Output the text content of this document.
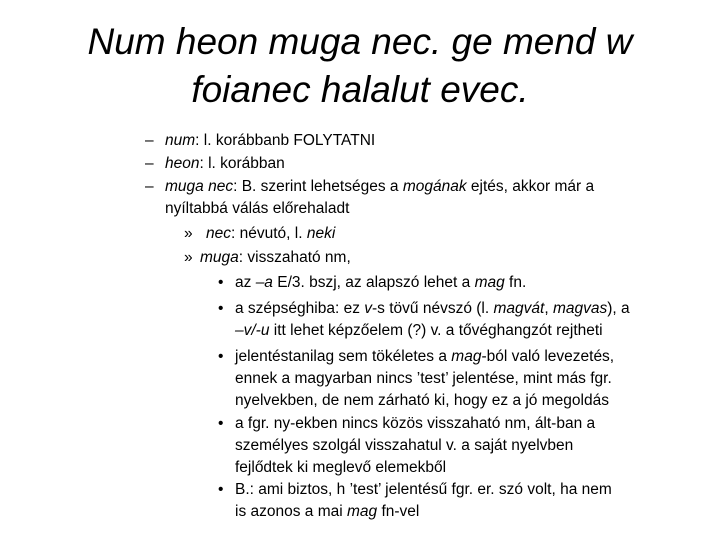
Num heon muga nec. ge mend w
foianec halalut evec.
– num: l. korábbanb FOLYTATNI
– heon: l. korábban
– muga nec: B. szerint lehetséges a mogának ejtés, akkor már a
nyíltabbá válás előrehaladt
» nec: névutó, l. neki
» muga: visszaható nm,
• az –a E/3. bszj, az alapszó lehet a mag fn.
• a szépséghiba: ez v-s tövű névszó (l. magvát, magvas), a
–v/-u itt lehet képzőelem (?) v. a tővéghangzót rejtheti
• jelentéstanilag sem tökéletes a mag-ból való levezetés,
ennek a magyarban nincs ’test’ jelentése, mint más fgr.
nyelvekben, de nem zárható ki, hogy ez a jó megoldás
• a fgr. ny-ekben nincs közös visszaható nm, ált-ban a
személyes szolgál visszahatul v. a saját nyelvben
fejlődtek ki meglevő elemekből
• B.: ami biztos, h ’test’ jelentésű fgr. er. szó volt, ha nem
is azonos a mai mag fn-vel
